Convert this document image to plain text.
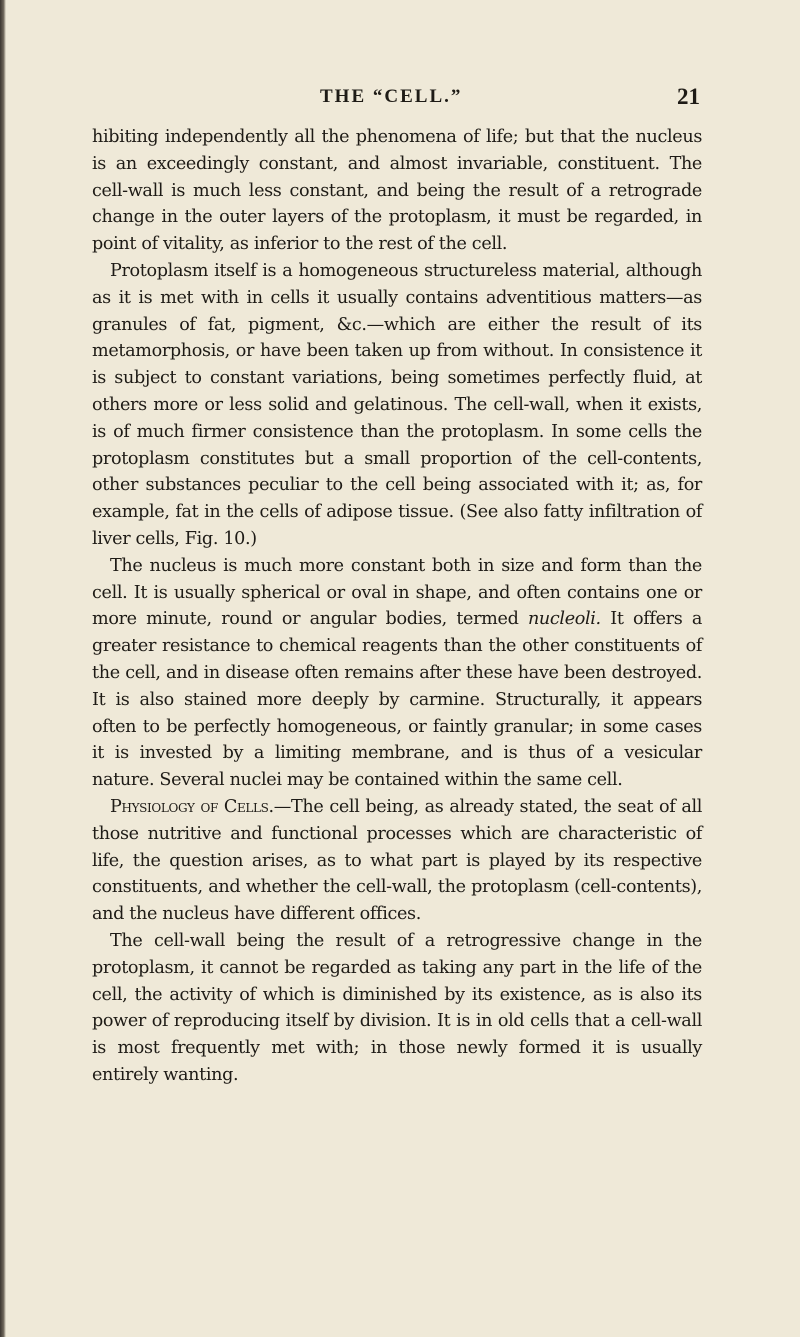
THE “CELL.”	21

hibiting independently all the phenomena of life; but that the nucleus is an exceedingly constant, and almost invariable, constituent. The cell-wall is much less constant, and being the result of a retrograde change in the outer layers of the protoplasm, it must be regarded, in point of vitality, as inferior to the rest of the cell.

Protoplasm itself is a homogeneous structureless material, although as it is met with in cells it usually contains adventitious matters—as granules of fat, pigment, &c.—which are either the result of its metamorphosis, or have been taken up from without. In consistence it is subject to constant variations, being sometimes perfectly fluid, at others more or less solid and gelatinous. The cell-wall, when it exists, is of much firmer consistence than the protoplasm. In some cells the protoplasm constitutes but a small proportion of the cell-contents, other substances peculiar to the cell being associated with it; as, for example, fat in the cells of adipose tissue. (See also fatty infiltration of liver cells, Fig. 10.)

The nucleus is much more constant both in size and form than the cell. It is usually spherical or oval in shape, and often contains one or more minute, round or angular bodies, termed nucleoli. It offers a greater resistance to chemical reagents than the other constituents of the cell, and in disease often remains after these have been destroyed. It is also stained more deeply by carmine. Structurally, it appears often to be perfectly homogeneous, or faintly granular; in some cases it is invested by a limiting membrane, and is thus of a vesicular nature. Several nuclei may be contained within the same cell.

Physiology of Cells.—The cell being, as already stated, the seat of all those nutritive and functional processes which are characteristic of life, the question arises, as to what part is played by its respective constituents, and whether the cell-wall, the protoplasm (cell-contents), and the nucleus have different offices.

The cell-wall being the result of a retrogressive change in the protoplasm, it cannot be regarded as taking any part in the life of the cell, the activity of which is diminished by its existence, as is also its power of reproducing itself by division. It is in old cells that a cell-wall is most frequently met with; in those newly formed it is usually entirely wanting.
